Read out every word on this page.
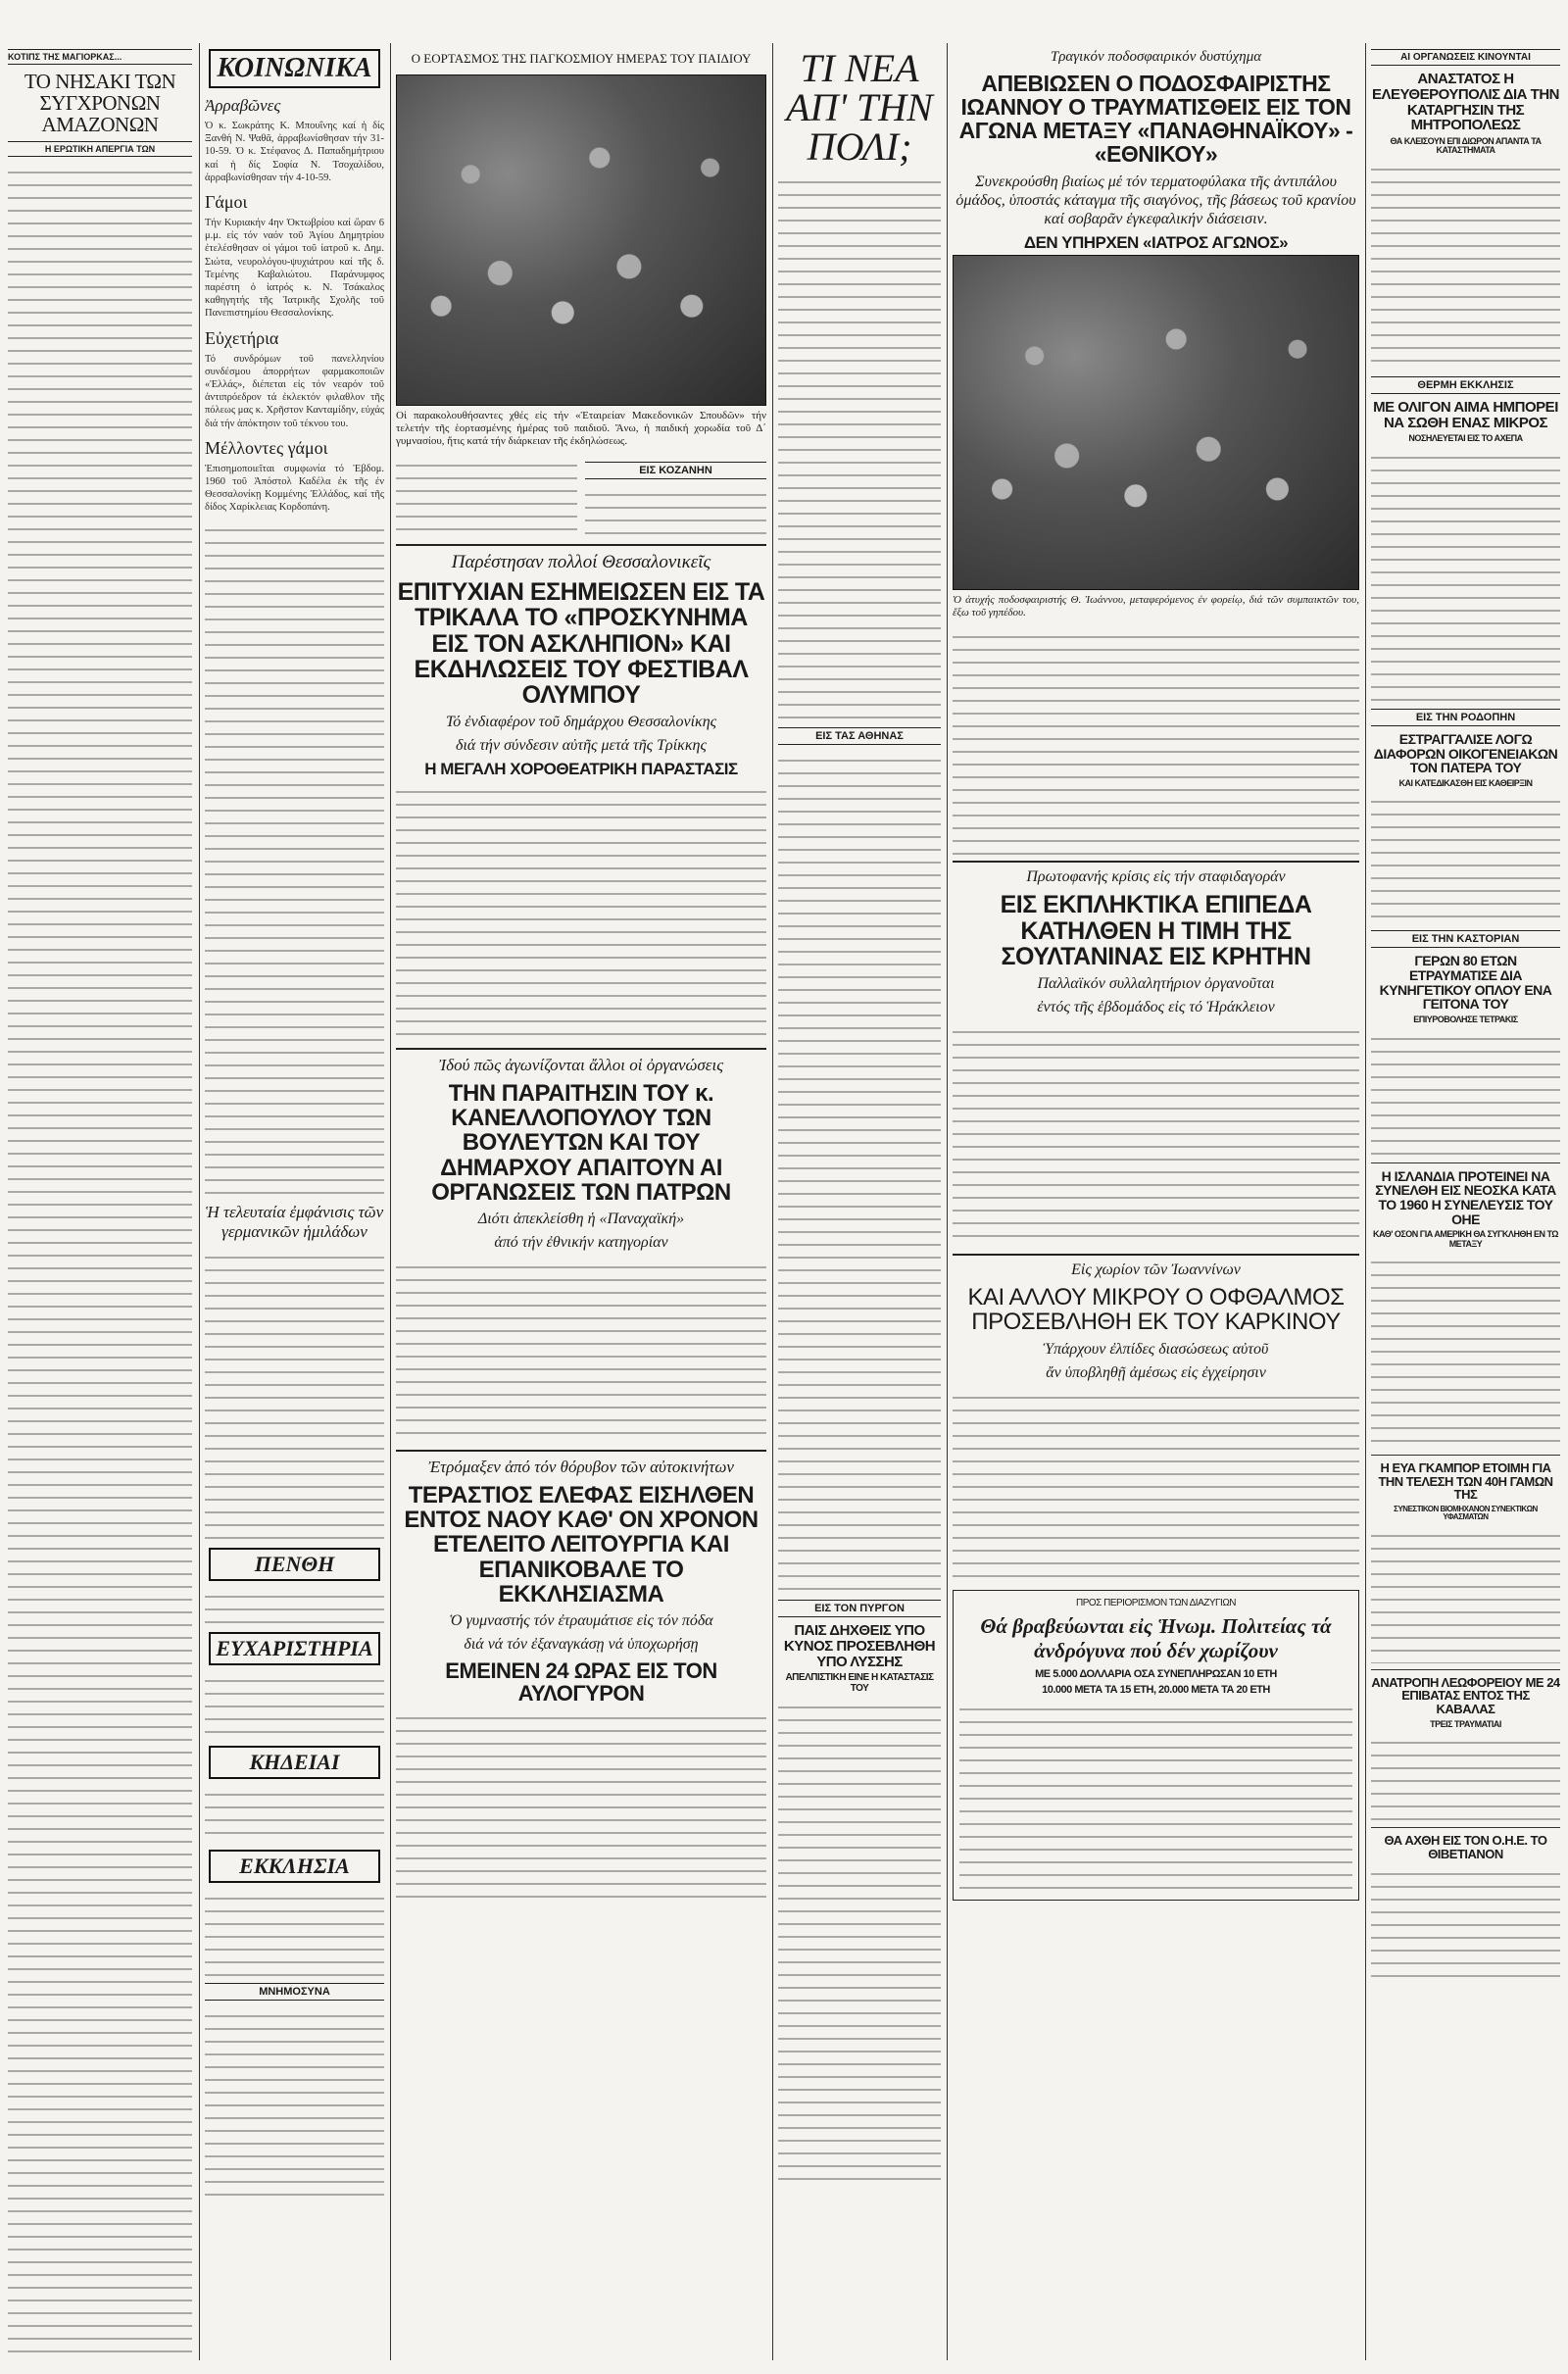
ΚΟΤΙΠΣ ΤΗΣ ΜΑΓΙΟΡΚΑΣ...
ΤΟ ΝΗΣΑΚΙ ΤΩΝ ΣΥΓΧΡΟΝΩΝ ΑΜΑΖΟΝΩΝ
Η ΕΡΩΤΙΚΗ ΑΠΕΡΓΙΑ ΤΩΝ
ΚΟΙΝΩΝΙΚΑ
Ἀρραβῶνες

Ὁ κ. Σωκράτης Κ. Μπουΐνης καί ἡ δίς Ξανθή Ν. Ψαθᾶ, ἀρραβωνίσθησαν τήν 31-10-59. Ὁ κ. Στέφανος Δ. Παπαδημήτριου καί ἡ δίς Σοφία Ν. Τσοχαλίδου, ἀρραβωνίσθησαν τήν 4-10-59.

Γάμοι

Τήν Κυριακήν 4ην Ὀκτωβρίου καί ὥραν 6 μ.μ. εἰς τόν ναόν τοῦ Ἁγίου Δημητρίου ἐτελέσθησαν οἱ γάμοι τοῦ ἰατροῦ κ. Δημ. Σιώτα, νευρολόγου-ψυχιάτρου καί τῆς δ. Τεμένης Καβαλιώτου. Παράνυμφος παρέστη ὁ ἰατρός κ. Ν. Τσάκαλος καθηγητής τῆς Ἰατρικῆς Σχολῆς τοῦ Πανεπιστημίου Θεσσαλονίκης.

Εὐχετήρια

Τό συνδρόμων τοῦ πανελληνίου συνδέσμου ἀπορρήτων φαρμακοποιῶν «Ἑλλάς», διέπεται εἰς τόν νεαρόν τοῦ ἀντιπρόεδρον τά ἐκλεκτόν φιλαθλον τῆς πόλεως μας κ. Χρῆστον Κανταμίδην, εὐχάς διά τήν ἀπόκτησιν τοῦ τέκνου του.

Μέλλοντες γάμοι

Ἐπισημοποιεῖται συμφωνία τό Ἑβδομ. 1960 τοῦ Ἀπόστολ Καδέλα ἐκ τῆς ἐν Θεσσαλονίκῃ Κομμένης Ἑλλάδος, καί τῆς δίδος Χαρίκλειας Κορδοπάνη.

Ἡ τελευταία ἐμφάνισις τῶν γερμανικῶν ἡμιλάδων
ΠΕΝΘΗ
ΕΥΧΑΡΙΣΤΗΡΙΑ
ΚΗΔΕΙΑΙ
ΕΚΚΛΗΣΙΑ
ΜΝΗΜΟΣΥΝΑ
Ο ΕΟΡΤΑΣΜΟΣ ΤΗΣ ΠΑΓΚΟΣΜΙΟΥ ΗΜΕΡΑΣ ΤΟΥ ΠΑΙΔΙΟΥ

Οἱ παρακολουθήσαντες χθές εἰς τήν «Ἑταιρείαν Μακεδονικῶν Σπουδῶν» τήν τελετήν τῆς ἑορτασμένης ἡμέρας τοῦ παιδιοῦ. Ἄνω, ἡ παιδική χορωδία τοῦ Δ΄ γυμνασίου, ἥτις κατά τήν διάρκειαν τῆς ἐκδηλώσεως.

ΕΙΣ ΚΟΖΑΝΗΝ
Παρέστησαν πολλοί Θεσσαλονικεῖς
ΕΠΙΤΥΧΙΑΝ ΕΣΗΜΕΙΩΣΕΝ ΕΙΣ ΤΑ ΤΡΙΚΑΛΑ ΤΟ «ΠΡΟΣΚΥΝΗΜΑ ΕΙΣ ΤΟΝ ΑΣΚΛΗΠΙΟΝ» ΚΑΙ ΕΚΔΗΛΩΣΕΙΣ ΤΟΥ ΦΕΣΤΙΒΑΛ ΟΛΥΜΠΟΥ
Τό ἐνδιαφέρον τοῦ δημάρχου Θεσσαλονίκης
διά τήν σύνδεσιν αὐτῆς μετά τῆς Τρίκκης
Η ΜΕΓΑΛΗ ΧΟΡΟΘΕΑΤΡΙΚΗ ΠΑΡΑΣΤΑΣΙΣ
Ἰδού πῶς ἀγωνίζονται ἄλλοι οἱ ὀργανώσεις
ΤΗΝ ΠΑΡΑΙΤΗΣΙΝ ΤΟΥ κ. ΚΑΝΕΛΛΟΠΟΥΛΟΥ ΤΩΝ ΒΟΥΛΕΥΤΩΝ ΚΑΙ ΤΟΥ ΔΗΜΑΡΧΟΥ ΑΠΑΙΤΟΥΝ ΑΙ ΟΡΓΑΝΩΣΕΙΣ ΤΩΝ ΠΑΤΡΩΝ
Διότι ἀπεκλείσθη ἡ «Παναχαϊκή»
ἀπό τήν ἐθνικήν κατηγορίαν
Ἐτρόμαξεν ἀπό τόν θόρυβον τῶν αὐτοκινήτων
ΤΕΡΑΣΤΙΟΣ ΕΛΕΦΑΣ ΕΙΣΗΛΘΕΝ ΕΝΤΟΣ ΝΑΟΥ ΚΑΘ' ΟΝ ΧΡΟΝΟΝ ΕΤΕΛΕΙΤΟ ΛΕΙΤΟΥΡΓΙΑ ΚΑΙ ΕΠΑΝΙΚΟΒΑΛΕ ΤΟ ΕΚΚΛΗΣΙΑΣΜΑ
Ὁ γυμναστής τόν ἐτραυμάτισε εἰς τόν πόδα
διά νά τόν ἐξαναγκάσῃ νά ὑποχωρήσῃ
ΕΜΕΙΝΕΝ 24 ΩΡΑΣ ΕΙΣ ΤΟΝ ΑΥΛΟΓΥΡΟΝ
ΤΙ ΝΕΑ ΑΠ' ΤΗΝ ΠΟΛΙ;
ΕΙΣ ΤΑΣ ΑΘΗΝΑΣ
ΕΙΣ ΤΟΝ ΠΥΡΓΟΝ
ΠΑΙΣ ΔΗΧΘΕΙΣ ΥΠΟ ΚΥΝΟΣ ΠΡΟΣΕΒΛΗΘΗ ΥΠΟ ΛΥΣΣΗΣ
ΑΠΕΛΠΙΣΤΙΚΗ ΕΙΝΕ Η ΚΑΤΑΣΤΑΣΙΣ ΤΟΥ
Τραγικόν ποδοσφαιρικόν δυστύχημα
ΑΠΕΒΙΩΣΕΝ Ο ΠΟΔΟΣΦΑΙΡΙΣΤΗΣ ΙΩΑΝΝΟΥ Ο ΤΡΑΥΜΑΤΙΣΘΕΙΣ ΕΙΣ ΤΟΝ ΑΓΩΝΑ ΜΕΤΑΞΥ «ΠΑΝΑΘΗΝΑΪΚΟΥ» - «ΕΘΝΙΚΟΥ»
Συνεκρούσθη βιαίως μέ τόν τερματοφύλακα τῆς ἀντιπάλου ὁμάδος, ὑποστάς κάταγμα τῆς σιαγόνος, τῆς βάσεως τοῦ κρανίου καί σοβαρᾶν ἐγκεφαλικήν διάσεισιν.
ΔΕΝ ΥΠΗΡΧΕΝ «ΙΑΤΡΟΣ ΑΓΩΝΟΣ»

Ὁ ἀτυχής ποδοσφαιριστής Θ. Ἰωάννου, μεταφερόμενος ἐν φορείῳ, διά τῶν συμπαικτῶν του, ἔξω τοῦ γηπέδου.

Πρωτοφανής κρίσις εἰς τήν σταφιδαγοράν
ΕΙΣ ΕΚΠΛΗΚΤΙΚΑ ΕΠΙΠΕΔΑ ΚΑΤΗΛΘΕΝ Η ΤΙΜΗ ΤΗΣ ΣΟΥΛΤΑΝΙΝΑΣ ΕΙΣ ΚΡΗΤΗΝ
Παλλαϊκόν συλλαλητήριον ὀργανοῦται
ἐντός τῆς ἑβδομάδος εἰς τό Ἡράκλειον
Εἰς χωρίον τῶν Ἰωαννίνων
ΚΑΙ ΑΛΛΟΥ ΜΙΚΡΟΥ Ο ΟΦΘΑΛΜΟΣ ΠΡΟΣΕΒΛΗΘΗ ΕΚ ΤΟΥ ΚΑΡΚΙΝΟΥ
Ὑπάρχουν ἐλπίδες διασώσεως αὐτοῦ
ἄν ὑποβληθῇ ἀμέσως εἰς ἐγχείρησιν
ΠΡΟΣ ΠΕΡΙΟΡΙΣΜΟΝ ΤΩΝ ΔΙΑΖΥΓΙΩΝ
Θά βραβεύωνται εἰς Ἡνωμ. Πολιτείας τά ἀνδρόγυνα πού δέν χωρίζουν
ΜΕ 5.000 ΔΟΛΛΑΡΙΑ ΟΣΑ ΣΥΝΕΠΛΗΡΩΣΑΝ 10 ΕΤΗ
10.000 ΜΕΤΑ ΤΑ 15 ΕΤΗ, 20.000 ΜΕΤΑ ΤΑ 20 ΕΤΗ
ΑΙ ΟΡΓΑΝΩΣΕΙΣ ΚΙΝΟΥΝΤΑΙ
ΑΝΑΣΤΑΤΟΣ Η ΕΛΕΥΘΕΡΟΥΠΟΛΙΣ ΔΙΑ ΤΗΝ ΚΑΤΑΡΓΗΣΙΝ ΤΗΣ ΜΗΤΡΟΠΟΛΕΩΣ
ΘΑ ΚΛΕΙΣΟΥΝ ΕΠΙ ΔΙΩΡΟΝ ΑΠΑΝΤΑ ΤΑ ΚΑΤΑΣΤΗΜΑΤΑ
ΘΕΡΜΗ ΕΚΚΛΗΣΙΣ
ΜΕ ΟΛΙΓΟΝ ΑΙΜΑ ΗΜΠΟΡΕΙ ΝΑ ΣΩΘΗ ΕΝΑΣ ΜΙΚΡΟΣ
ΝΟΣΗΛΕΥΕΤΑΙ ΕΙΣ ΤΟ ΑΧΕΠΑ
ΕΙΣ ΤΗΝ ΡΟΔΟΠΗΝ
ΕΣΤΡΑΓΓΑΛΙΣΕ ΛΟΓΩ ΔΙΑΦΟΡΩΝ ΟΙΚΟΓΕΝΕΙΑΚΩΝ ΤΟΝ ΠΑΤΕΡΑ ΤΟΥ
ΚΑΙ ΚΑΤΕΔΙΚΑΣΘΗ ΕΙΣ ΚΑΘΕΙΡΞΙΝ
ΕΙΣ ΤΗΝ ΚΑΣΤΟΡΙΑΝ
ΓΕΡΩΝ 80 ΕΤΩΝ ΕΤΡΑΥΜΑΤΙΣΕ ΔΙΑ ΚΥΝΗΓΕΤΙΚΟΥ ΟΠΛΟΥ ΕΝΑ ΓΕΙΤΟΝΑ ΤΟΥ
ΕΠΙΥΡΟΒΟΛΗΣΕ ΤΕΤΡΑΚΙΣ
Η ΙΣΛΑΝΔΙΑ ΠΡΟΤΕΙΝΕΙ ΝΑ ΣΥΝΕΛΘΗ ΕΙΣ ΝΕΟΣΚΑ ΚΑΤΑ ΤΟ 1960 Η ΣΥΝΕΛΕΥΣΙΣ ΤΟΥ ΟΗΕ
ΚΑΘ' ΟΣΟΝ ΓΙΑ ΑΜΕΡΙΚΗ ΘΑ ΣΥΓΚΛΗΘΗ ΕΝ ΤΩ ΜΕΤΑΞΥ
Η ΕΥΑ ΓΚΑΜΠΟΡ ΕΤΟΙΜΗ ΓΙΑ ΤΗΝ ΤΕΛΕΣΗ ΤΩΝ 40Η ΓΑΜΩΝ ΤΗΣ
ΣΥΝΕΣΤΙΚΟΝ ΒΙΟΜΗΧΑΝΟΝ ΣΥΝΕΚΤΙΚΩΝ ΥΦΑΣΜΑΤΩΝ
ΑΝΑΤΡΟΠΗ ΛΕΩΦΟΡΕΙΟΥ ΜΕ 24 ΕΠΙΒΑΤΑΣ ΕΝΤΟΣ ΤΗΣ ΚΑΒΑΛΑΣ
ΤΡΕΙΣ ΤΡΑΥΜΑΤΙΑΙ
ΘΑ ΑΧΘΗ ΕΙΣ ΤΟΝ Ο.Η.Ε. ΤΟ ΘΙΒΕΤΙΑΝΟΝ
